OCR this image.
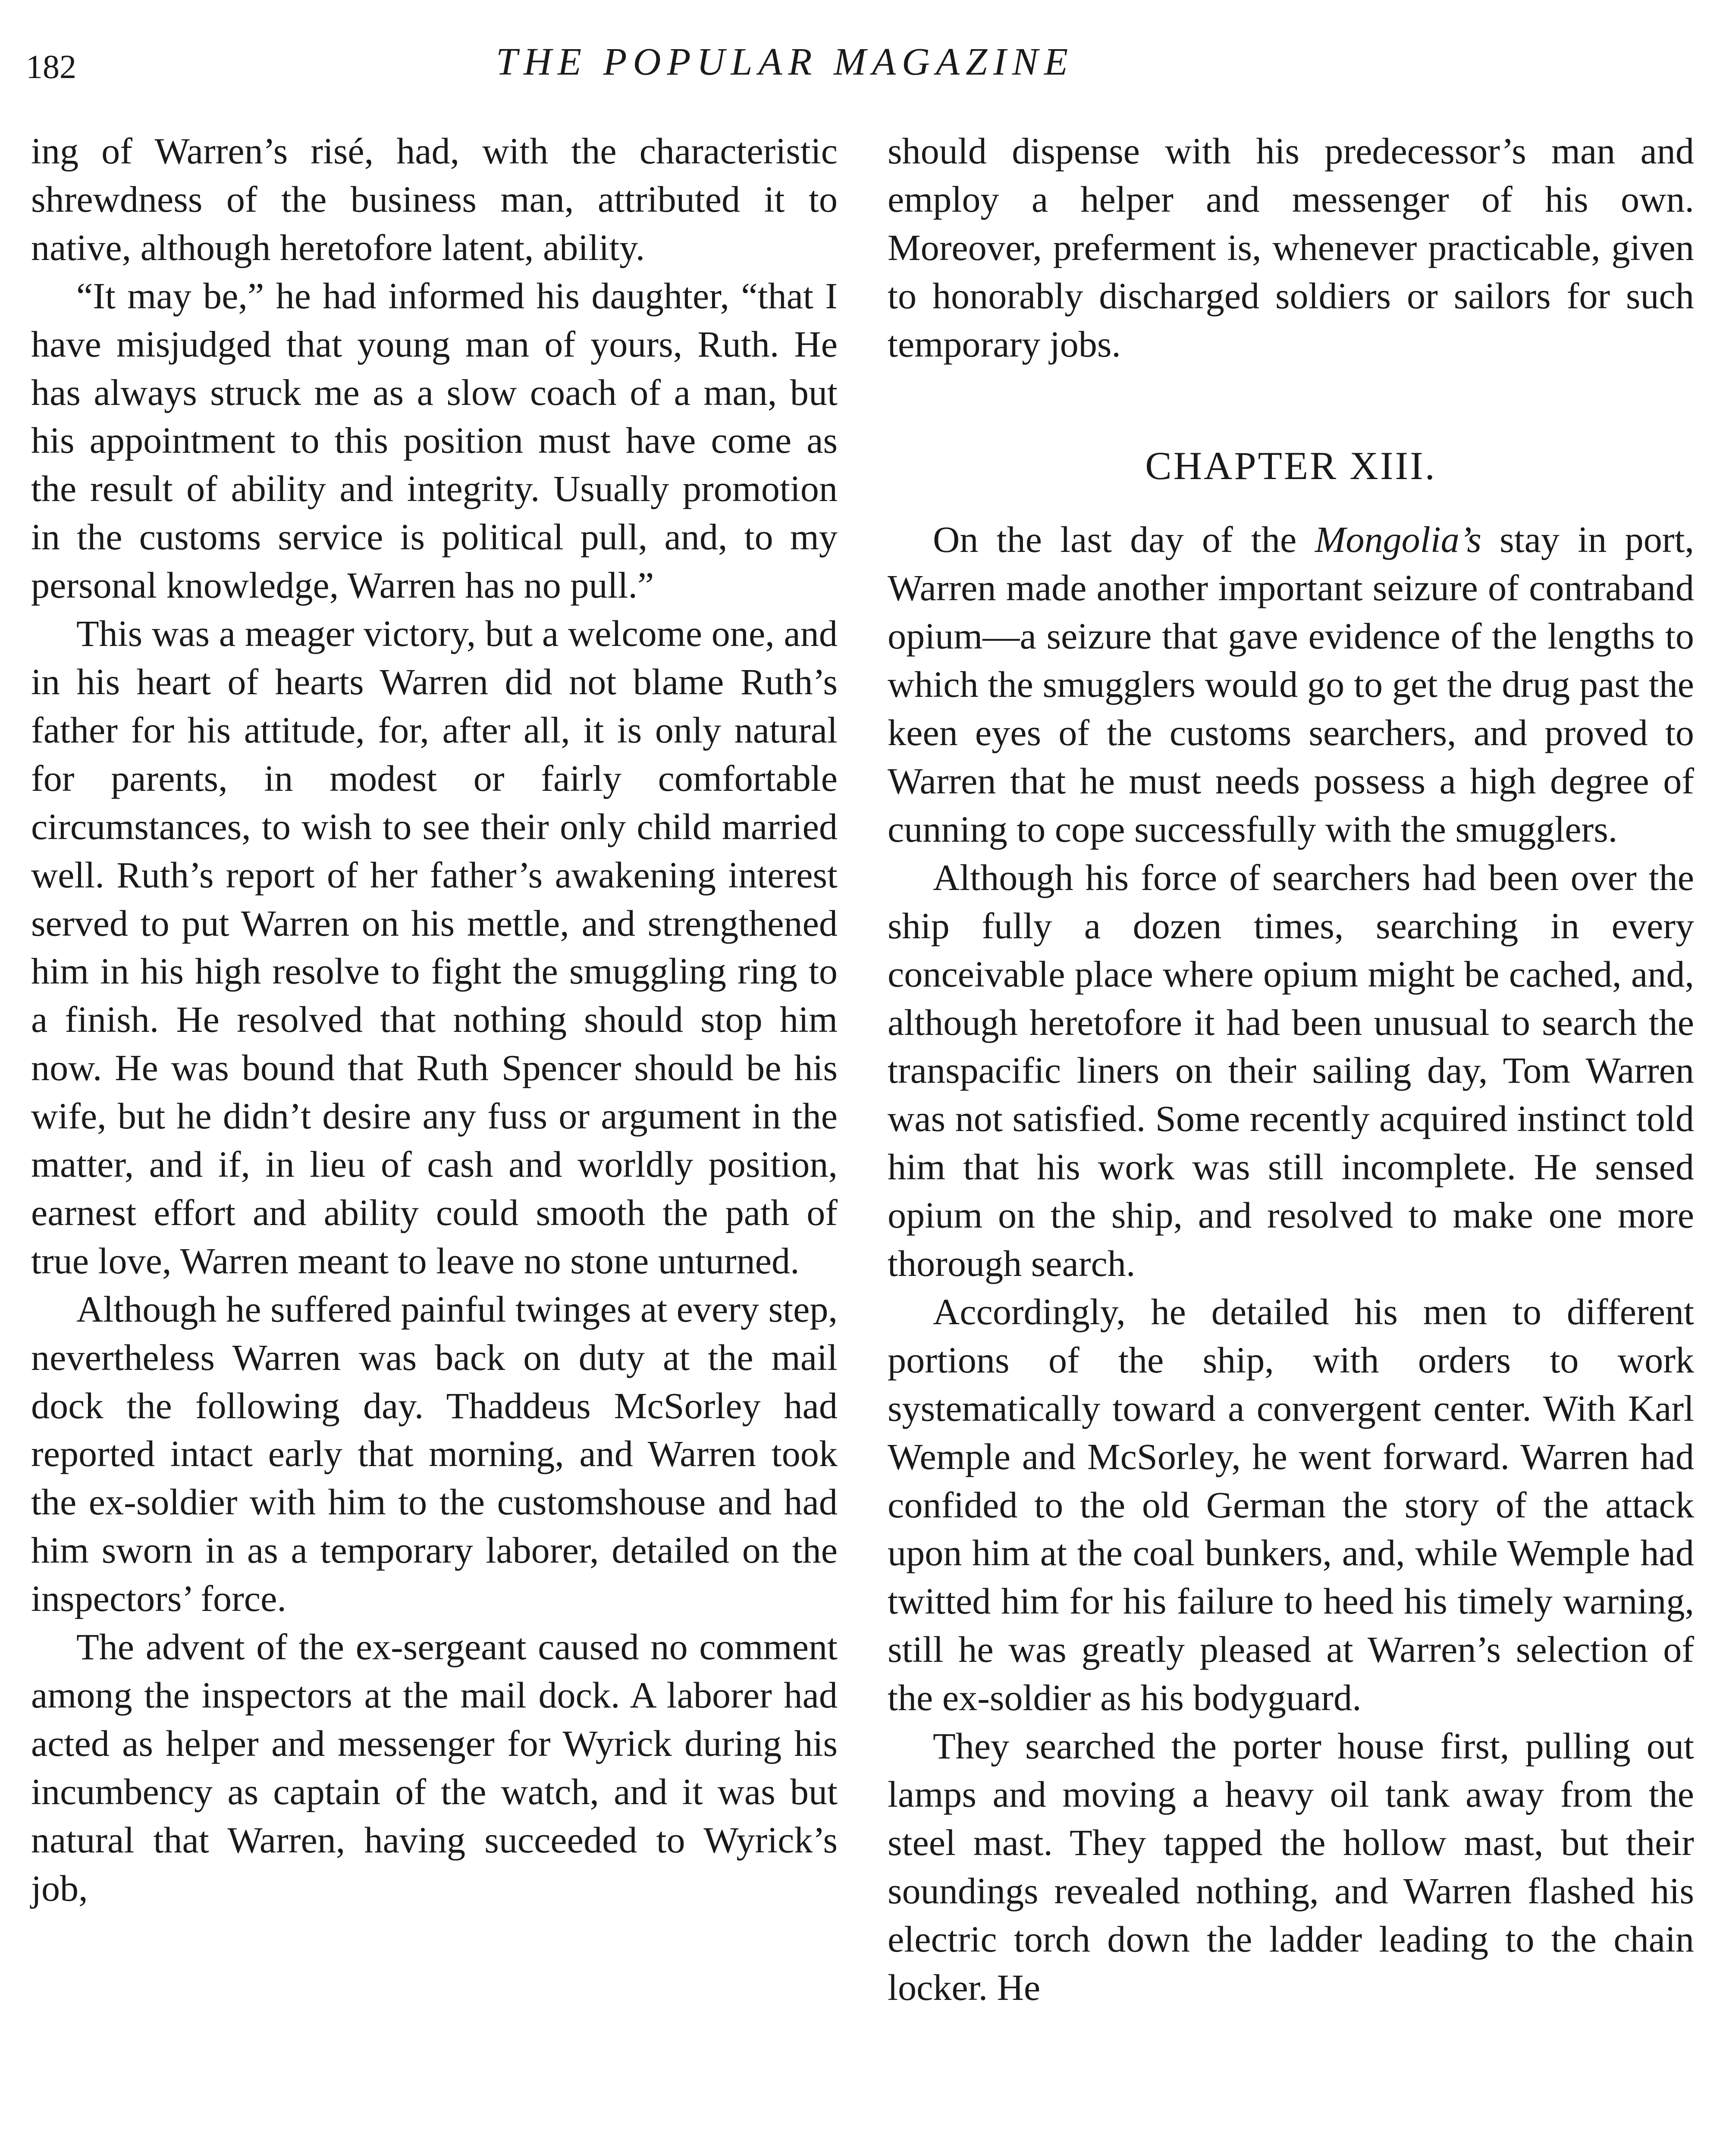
182	THE POPULAR MAGAZINE

ing of Warren’s risé, had, with the characteristic shrewdness of the business man, attributed it to native, although heretofore latent, ability.

“It may be,” he had informed his daughter, “that I have misjudged that young man of yours, Ruth. He has always struck me as a slow coach of a man, but his appointment to this position must have come as the result of ability and integrity. Usually promotion in the customs service is political pull, and, to my personal knowledge, Warren has no pull.”

This was a meager victory, but a welcome one, and in his heart of hearts Warren did not blame Ruth’s father for his attitude, for, after all, it is only natural for parents, in modest or fairly comfortable circumstances, to wish to see their only child married well. Ruth’s report of her father’s awakening interest served to put Warren on his mettle, and strengthened him in his high resolve to fight the smuggling ring to a finish. He resolved that nothing should stop him now. He was bound that Ruth Spencer should be his wife, but he didn’t desire any fuss or argument in the matter, and if, in lieu of cash and worldly position, earnest effort and ability could smooth the path of true love, Warren meant to leave no stone unturned.

Although he suffered painful twinges at every step, nevertheless Warren was back on duty at the mail dock the following day. Thaddeus McSorley had reported intact early that morning, and Warren took the ex-soldier with him to the customshouse and had him sworn in as a temporary laborer, detailed on the inspectors’ force.

The advent of the ex-sergeant caused no comment among the inspectors at the mail dock. A laborer had acted as helper and messenger for Wyrick during his incumbency as captain of the watch, and it was but natural that Warren, having succeeded to Wyrick’s job,

should dispense with his predecessor’s man and employ a helper and messenger of his own. Moreover, preferment is, whenever practicable, given to honorably discharged soldiers or sailors for such temporary jobs.

CHAPTER XIII.

On the last day of the Mongolia’s stay in port, Warren made another important seizure of contraband opium—a seizure that gave evidence of the lengths to which the smugglers would go to get the drug past the keen eyes of the customs searchers, and proved to Warren that he must needs possess a high degree of cunning to cope successfully with the smugglers.

Although his force of searchers had been over the ship fully a dozen times, searching in every conceivable place where opium might be cached, and, although heretofore it had been unusual to search the transpacific liners on their sailing day, Tom Warren was not satisfied. Some recently acquired instinct told him that his work was still incomplete. He sensed opium on the ship, and resolved to make one more thorough search.

Accordingly, he detailed his men to different portions of the ship, with orders to work systematically toward a convergent center. With Karl Wemple and McSorley, he went forward. Warren had confided to the old German the story of the attack upon him at the coal bunkers, and, while Wemple had twitted him for his failure to heed his timely warning, still he was greatly pleased at Warren’s selection of the ex-soldier as his bodyguard.

They searched the porter house first, pulling out lamps and moving a heavy oil tank away from the steel mast. They tapped the hollow mast, but their soundings revealed nothing, and Warren flashed his electric torch down the ladder leading to the chain locker. He
